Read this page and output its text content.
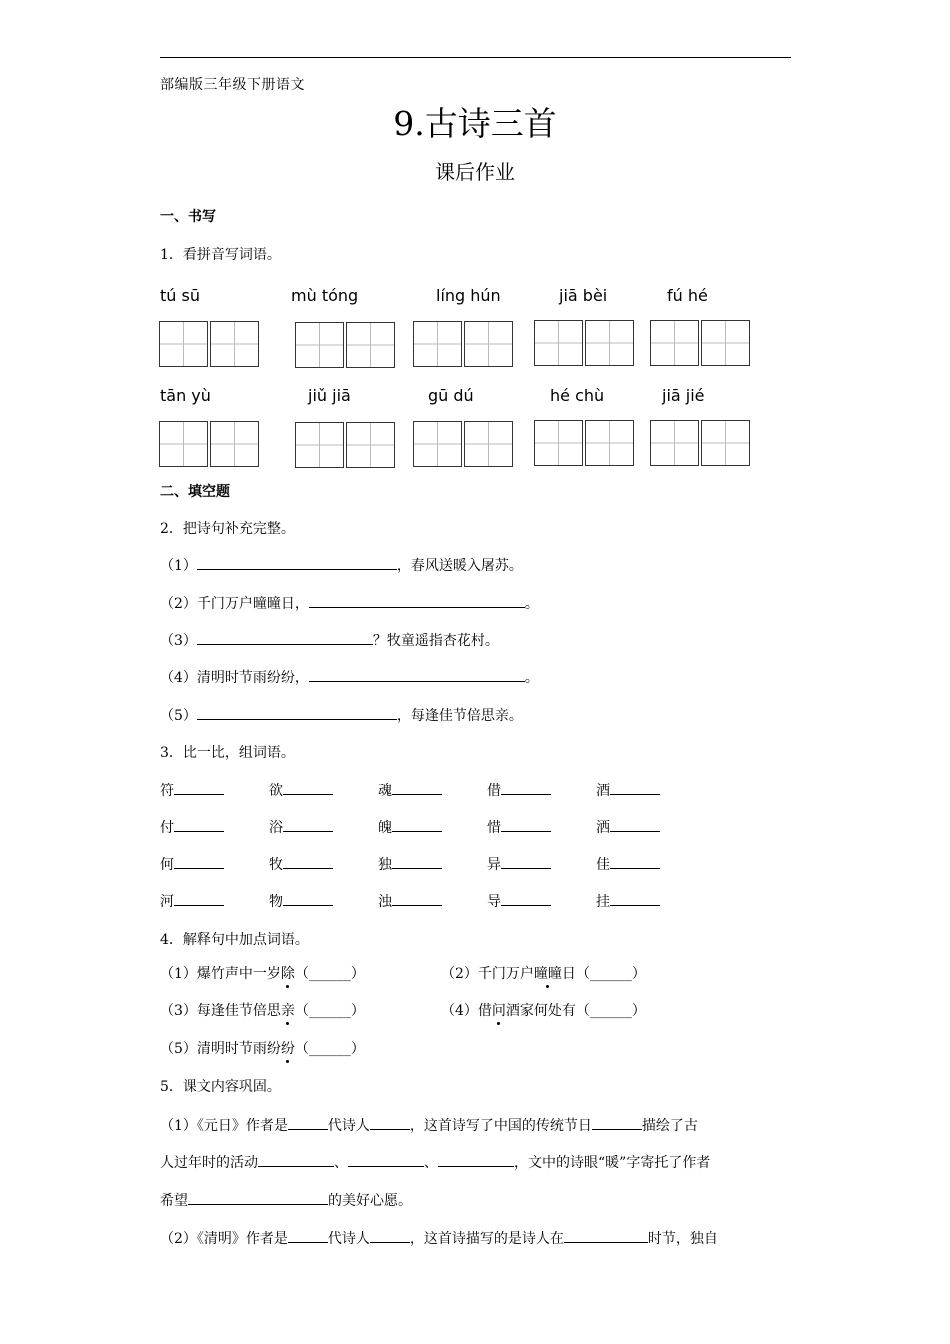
部编版三年级下册语文
9.古诗三首
课后作业
一、书写
1．看拼音写词语。
tú sū	mù tóng	líng hún	jiā bèi	fú hé
tān yù	jiǔ jiā	gū dú	hé chù	jiā jié
二、填空题
2．把诗句补充完整。
（1）	，春风送暖入屠苏。
（2）千门万户曈曈日，	。
（3）	？牧童遥指杏花村。
（4）清明时节雨纷纷，	。
（5）	，每逢佳节倍思亲。
3．比一比，组词语。
符	欲	魂	借	酒
付	浴	魄	惜	洒
何	牧	独	异	佳
河	物	浊	导	挂
4．解释句中加点词语。
（1）爆竹声中一岁除（______）	（2）千门万户曈曈日（______）
（3）每逢佳节倍思亲（______）	（4）借问酒家何处有（______）
（5）清明时节雨纷纷（______）
5．课文内容巩固。
（1）《元日》作者是	代诗人	，这首诗写了中国的传统节日	描绘了古
人过年时的活动	、	、	，文中的诗眼“暖”字寄托了作者
希望	的美好心愿。
（2）《清明》作者是	代诗人	，这首诗描写的是诗人在	时节，独自
